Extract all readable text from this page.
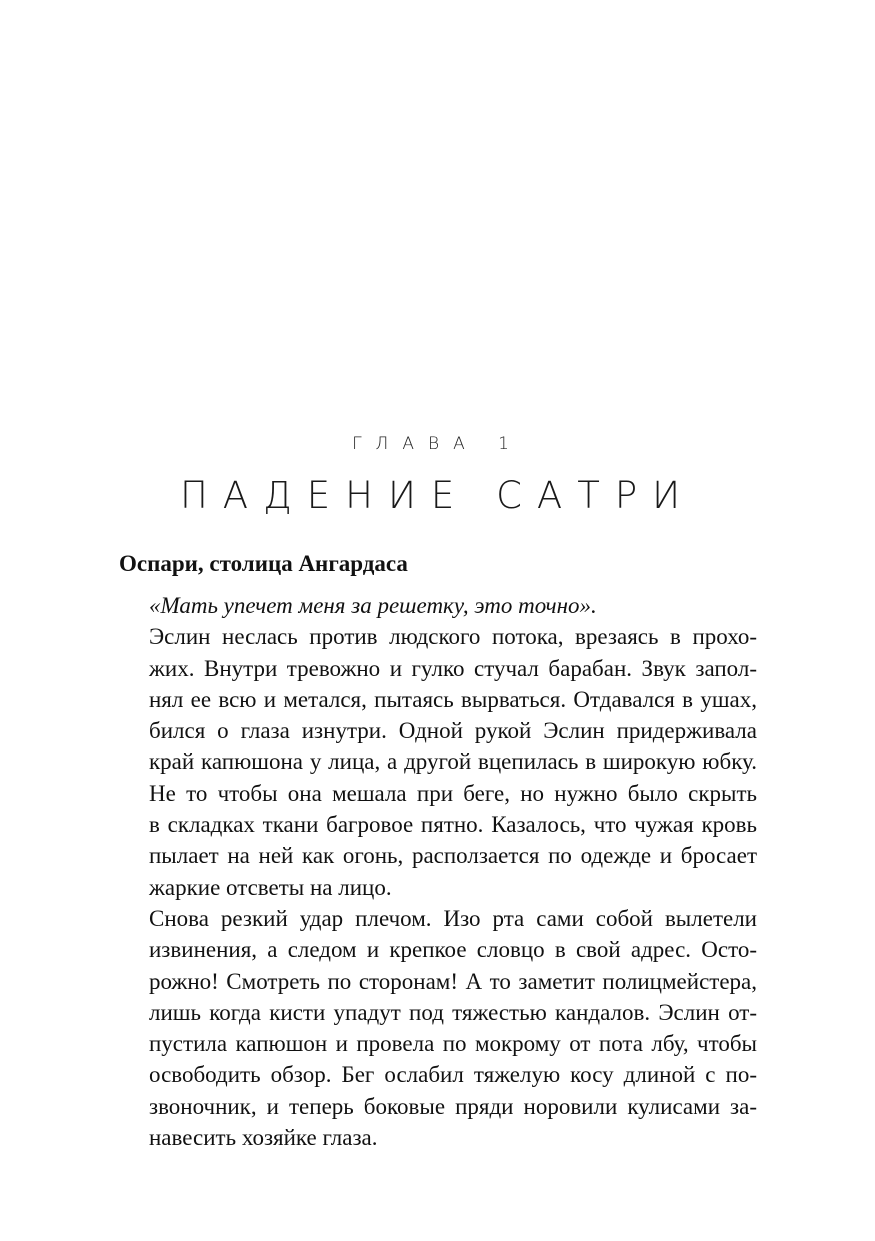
ГЛАВА 1
ПАДЕНИЕ САТРИ
Оспари, столица Ангардаса
«Мать упечет меня за решетку, это точно».
Эслин неслась против людского потока, врезаясь в прохо-
жих. Внутри тревожно и гулко стучал барабан. Звук запол-
нял ее всю и метался, пытаясь вырваться. Отдавался в ушах,
бился о глаза изнутри. Одной рукой Эслин придерживала
край капюшона у лица, а другой вцепилась в широкую юбку.
Не то чтобы она мешала при беге, но нужно было скрыть
в складках ткани багровое пятно. Казалось, что чужая кровь
пылает на ней как огонь, расползается по одежде и бросает
жаркие отсветы на лицо.
Снова резкий удар плечом. Изо рта сами собой вылетели
извинения, а следом и крепкое словцо в свой адрес. Осто-
рожно! Смотреть по сторонам! А то заметит полицмейстера,
лишь когда кисти упадут под тяжестью кандалов. Эслин от-
пустила капюшон и провела по мокрому от пота лбу, чтобы
освободить обзор. Бег ослабил тяжелую косу длиной с по-
звоночник, и теперь боковые пряди норовили кулисами за-
навесить хозяйке глаза.
